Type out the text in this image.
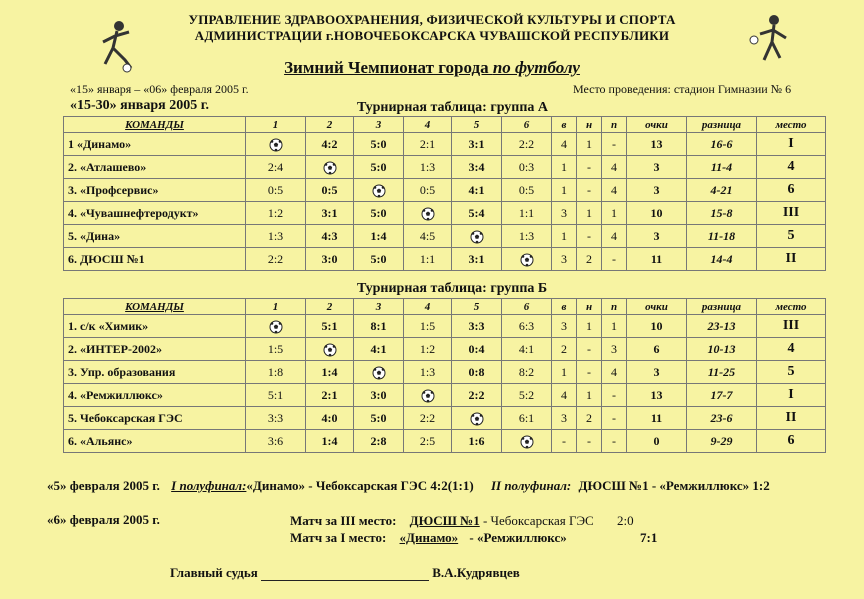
УПРАВЛЕНИЕ ЗДРАВООХРАНЕНИЯ, ФИЗИЧЕСКОЙ КУЛЬТУРЫ И СПОРТА
АДМИНИСТРАЦИИ г.НОВОЧЕБОКСАРСКА ЧУВАШСКОЙ РЕСПУБЛИКИ
Зимний Чемпионат города по футболу
«15» января – «06» февраля 2005 г.	Место проведения: стадион Гимназии № 6
«15-30» января 2005 г.	Турнирная таблица: группа А
КОМАНДЫ	1	2	3	4	5	6	в	н	п	очки	разница	место
1 «Динамо»		4:2	5:0	2:1	3:1	2:2	4	1	-	13	16-6	I
2. «Атлашево»	2:4		5:0	1:3	3:4	0:3	1	-	4	3	11-4	4
3. «Профсервис»	0:5	0:5		0:5	4:1	0:5	1	-	4	3	4-21	6
4. «Чувашнефтеродукт»	1:2	3:1	5:0		5:4	1:1	3	1	1	10	15-8	III
5. «Дина»	1:3	4:3	1:4	4:5		1:3	1	-	4	3	11-18	5
6. ДЮСШ №1	2:2	3:0	5:0	1:1	3:1		3	2	-	11	14-4	II
Турнирная таблица: группа Б
КОМАНДЫ	1	2	3	4	5	6	в	н	п	очки	разница	место
1. с/к «Химик»		5:1	8:1	1:5	3:3	6:3	3	1	1	10	23-13	III
2. «ИНТЕР-2002»	1:5		4:1	1:2	0:4	4:1	2	-	3	6	10-13	4
3. Упр. образования	1:8	1:4		1:3	0:8	8:2	1	-	4	3	11-25	5
4. «Ремжиллюкс»	5:1	2:1	3:0		2:2	5:2	4	1	-	13	17-7	I
5. Чебоксарская ГЭС	3:3	4:0	5:0	2:2		6:1	3	2	-	11	23-6	II
6. «Альянс»	3:6	1:4	2:8	2:5	1:6		-	-	-	0	9-29	6
«5» февраля 2005 г. I полуфинал:«Динамо» - Чебоксарская ГЭС 4:2(1:1) II полуфинал: ДЮСШ №1 - «Ремжиллюкс» 1:2
«6» февраля 2005 г.	Матч за III место: ДЮСШ №1 - Чебоксарская ГЭС 2:0
Матч за I место: «Динамо» - «Ремжиллюкс»	7:1
Главный судья	В.А.Кудрявцев
